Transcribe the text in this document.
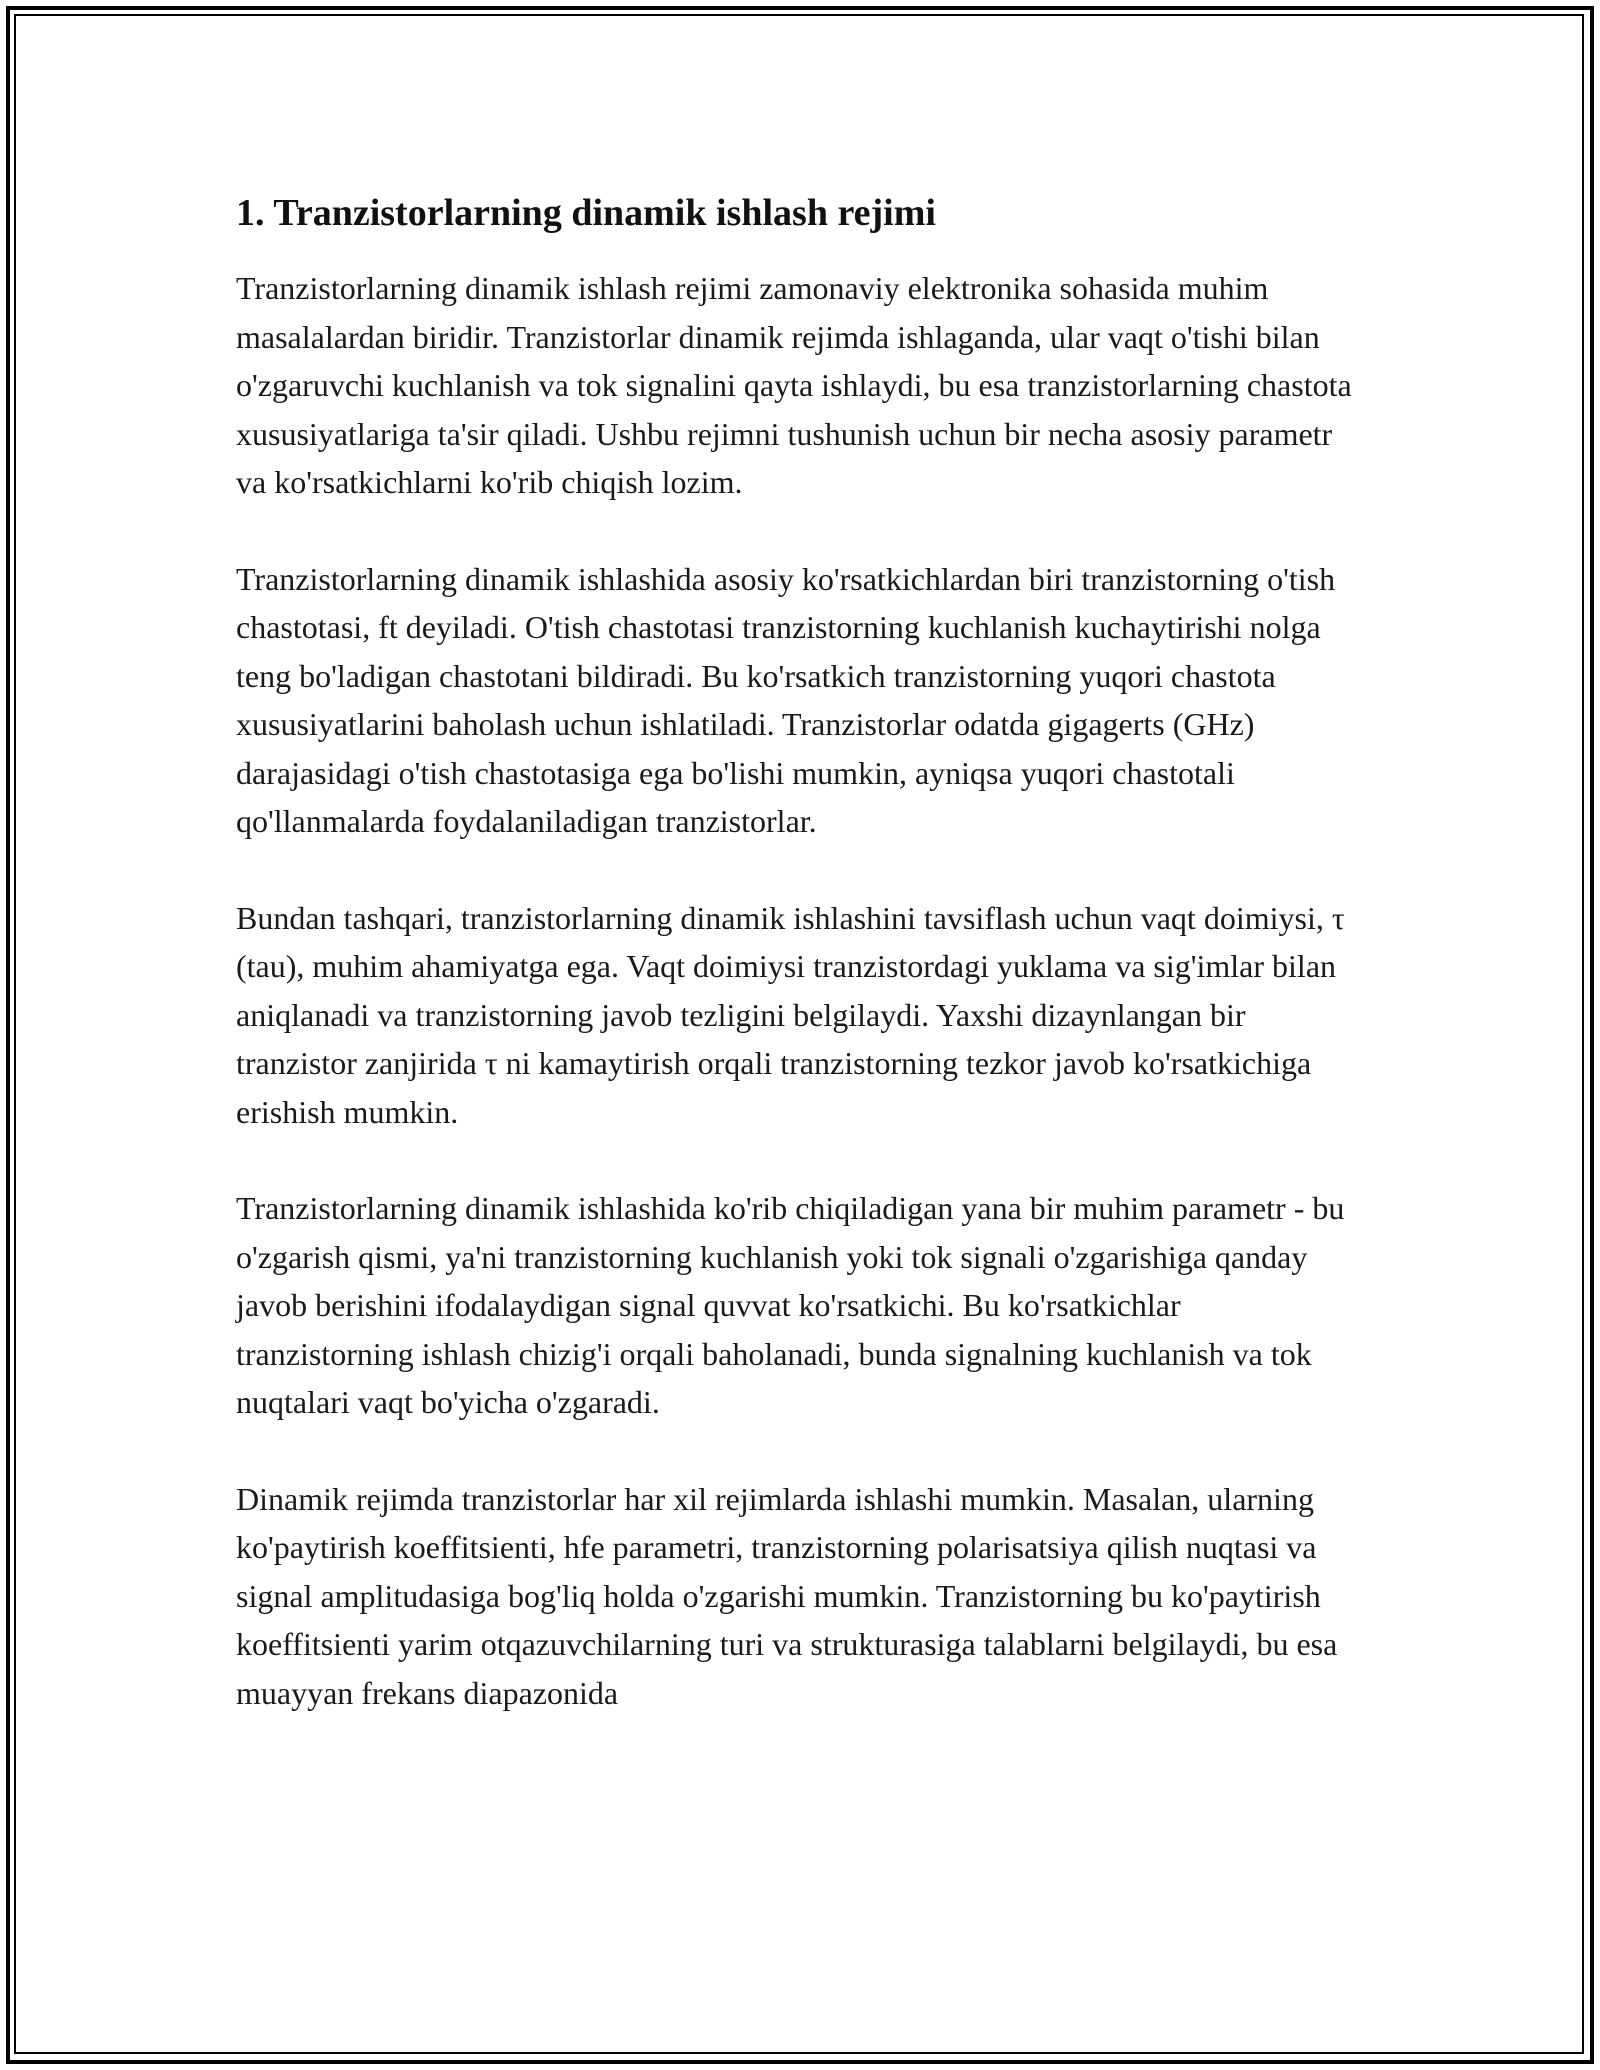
1. Tranzistorlarning dinamik ishlash rejimi

Tranzistorlarning dinamik ishlash rejimi zamonaviy elektronika sohasida muhim masalalardan biridir. Tranzistorlar dinamik rejimda ishlaganda, ular vaqt o'tishi bilan o'zgaruvchi kuchlanish va tok signalini qayta ishlaydi, bu esa tranzistorlarning chastota xususiyatlariga ta'sir qiladi. Ushbu rejimni tushunish uchun bir necha asosiy parametr va ko'rsatkichlarni ko'rib chiqish lozim.

Tranzistorlarning dinamik ishlashida asosiy ko'rsatkichlardan biri tranzistorning o'tish chastotasi, ft deyiladi. O'tish chastotasi tranzistorning kuchlanish kuchaytirishi nolga teng bo'ladigan chastotani bildiradi. Bu ko'rsatkich tranzistorning yuqori chastota xususiyatlarini baholash uchun ishlatiladi. Tranzistorlar odatda gigagerts (GHz) darajasidagi o'tish chastotasiga ega bo'lishi mumkin, ayniqsa yuqori chastotali qo'llanmalarda foydalaniladigan tranzistorlar.

Bundan tashqari, tranzistorlarning dinamik ishlashini tavsiflash uchun vaqt doimiysi, τ (tau), muhim ahamiyatga ega. Vaqt doimiysi tranzistordagi yuklama va sig'imlar bilan aniqlanadi va tranzistorning javob tezligini belgilaydi. Yaxshi dizaynlangan bir tranzistor zanjirida τ ni kamaytirish orqali tranzistorning tezkor javob ko'rsatkichiga erishish mumkin.

Tranzistorlarning dinamik ishlashida ko'rib chiqiladigan yana bir muhim parametr - bu o'zgarish qismi, ya'ni tranzistorning kuchlanish yoki tok signali o'zgarishiga qanday javob berishini ifodalaydigan signal quvvat ko'rsatkichi. Bu ko'rsatkichlar tranzistorning ishlash chizig'i orqali baholanadi, bunda signalning kuchlanish va tok nuqtalari vaqt bo'yicha o'zgaradi.

Dinamik rejimda tranzistorlar har xil rejimlarda ishlashi mumkin. Masalan, ularning ko'paytirish koeffitsienti, hfe parametri, tranzistorning polarisatsiya qilish nuqtasi va signal amplitudasiga bog'liq holda o'zgarishi mumkin. Tranzistorning bu ko'paytirish koeffitsienti yarim otqazuvchilarning turi va strukturasiga talablarni belgilaydi, bu esa muayyan frekans diapazonida
